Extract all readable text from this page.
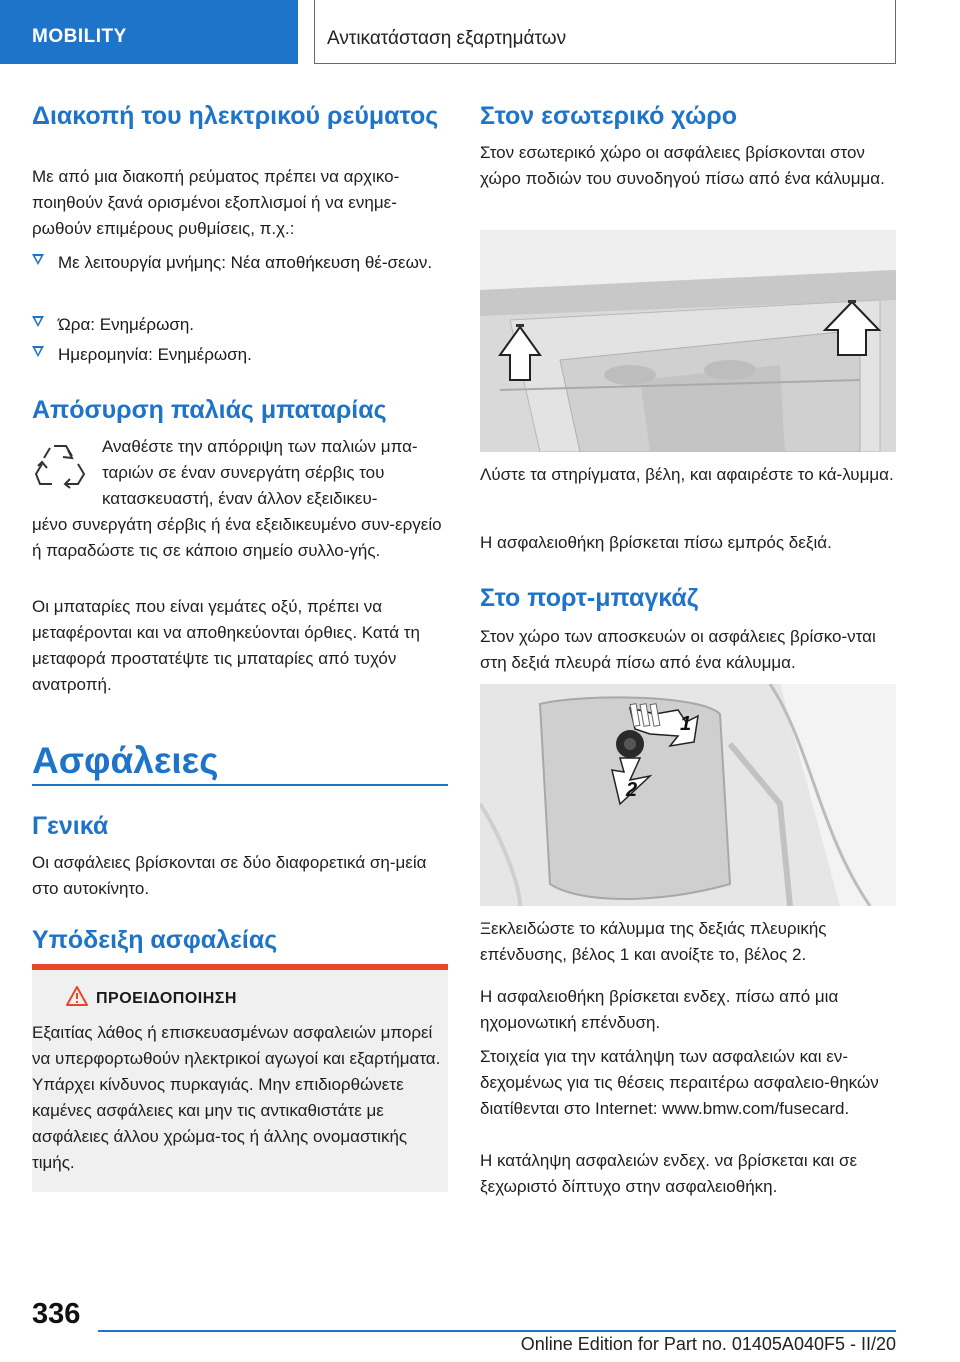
MOBILITY	Αντικατάσταση εξαρτημάτων
Διακοπή του ηλεκτρικού ρεύματος

Με από μια διακοπή ρεύματος πρέπει να αρχικο-ποιηθούν ξανά ορισμένοι εξοπλισμοί ή να ενημε-ρωθούν επιμέρους ρυθμίσεις, π.χ.:

Με λειτουργία μνήμης: Νέα αποθήκευση θέ-σεων.
Ώρα: Ενημέρωση.
Ημερομηνία: Ενημέρωση.
Απόσυρση παλιάς μπαταρίας

Αναθέστε την απόρριψη των παλιών μπα-ταριών σε έναν συνεργάτη σέρβις του κατασκευαστή, έναν άλλον εξειδικευ-

μένο συνεργάτη σέρβις ή ένα εξειδικευμένο συν-εργείο ή παραδώστε τις σε κάποιο σημείο συλλο-γής.

Οι μπαταρίες που είναι γεμάτες οξύ, πρέπει να μεταφέρονται και να αποθηκεύονται όρθιες. Κατά τη μεταφορά προστατέψτε τις μπαταρίες από τυχόν ανατροπή.

Ασφάλειες
Γενικά

Οι ασφάλειες βρίσκονται σε δύο διαφορετικά ση-μεία στο αυτοκίνητο.

Υπόδειξη ασφαλείας
ΠΡΟΕΙΔΟΠΟΙΗΣΗ

Εξαιτίας λάθος ή επισκευασμένων ασφαλειών μπορεί να υπερφορτωθούν ηλεκτρικοί αγωγοί και εξαρτήματα. Υπάρχει κίνδυνος πυρκαγιάς. Μην επιδιορθώνετε καμένες ασφάλειες και μην τις αντικαθιστάτε με ασφάλειες άλλου χρώμα-τος ή άλλης ονομαστικής τιμής.

Στον εσωτερικό χώρο

Στον εσωτερικό χώρο οι ασφάλειες βρίσκονται στον χώρο ποδιών του συνοδηγού πίσω από ένα κάλυμμα.

Λύστε τα στηρίγματα, βέλη, και αφαιρέστε το κά-λυμμα.

Η ασφαλειοθήκη βρίσκεται πίσω εμπρός δεξιά.

Στο πορτ-μπαγκάζ

Στον χώρο των αποσκευών οι ασφάλειες βρίσκο-νται στη δεξιά πλευρά πίσω από ένα κάλυμμα.

1
2

Ξεκλειδώστε το κάλυμμα της δεξιάς πλευρικής επένδυσης, βέλος 1 και ανοίξτε το, βέλος 2.

Η ασφαλειοθήκη βρίσκεται ενδεχ. πίσω από μια ηχομονωτική επένδυση.

Στοιχεία για την κατάληψη των ασφαλειών και εν-δεχομένως για τις θέσεις περαιτέρω ασφαλειο-θηκών διατίθενται στο Internet: www.bmw.com/fusecard.

Η κατάληψη ασφαλειών ενδεχ. να βρίσκεται και σε ξεχωριστό δίπτυχο στην ασφαλειοθήκη.

336
Online Edition for Part no. 01405A040F5 - II/20
